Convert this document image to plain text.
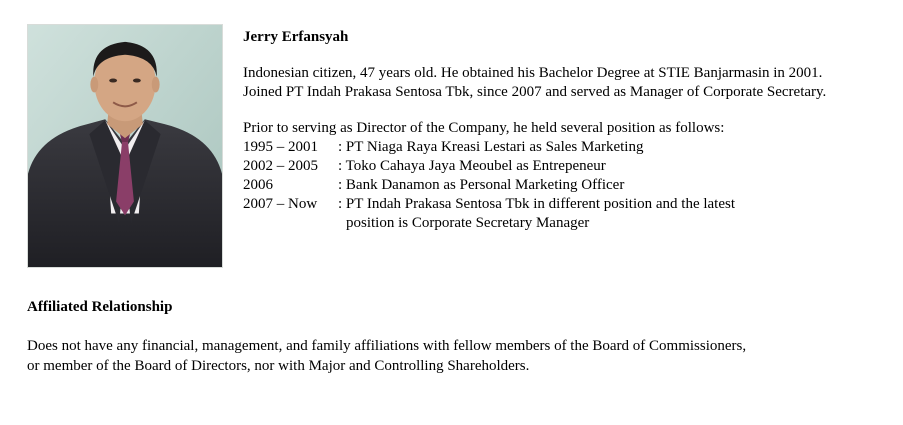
Jerry Erfansyah

Indonesian citizen, 47 years old. He obtained his Bachelor Degree at STIE Banjarmasin in 2001.

Joined PT Indah Prakasa Sentosa Tbk, since 2007 and served as Manager of Corporate Secretary.

Prior to serving as Director of the Company, he held several position as follows:

1995 – 2001	: PT Niaga Raya Kreasi Lestari as Sales Marketing
2002 – 2005	: Toko Cahaya Jaya Meoubel as Entrepeneur
2006	: Bank Danamon as Personal Marketing Officer
2007 – Now	: PT Indah Prakasa Sentosa Tbk in different position and the latest
position is Corporate Secretary Manager
Affiliated Relationship

Does not have any financial, management, and family affiliations with fellow members of the Board of Commissioners,

or member of the Board of Directors, nor with Major and Controlling Shareholders.
